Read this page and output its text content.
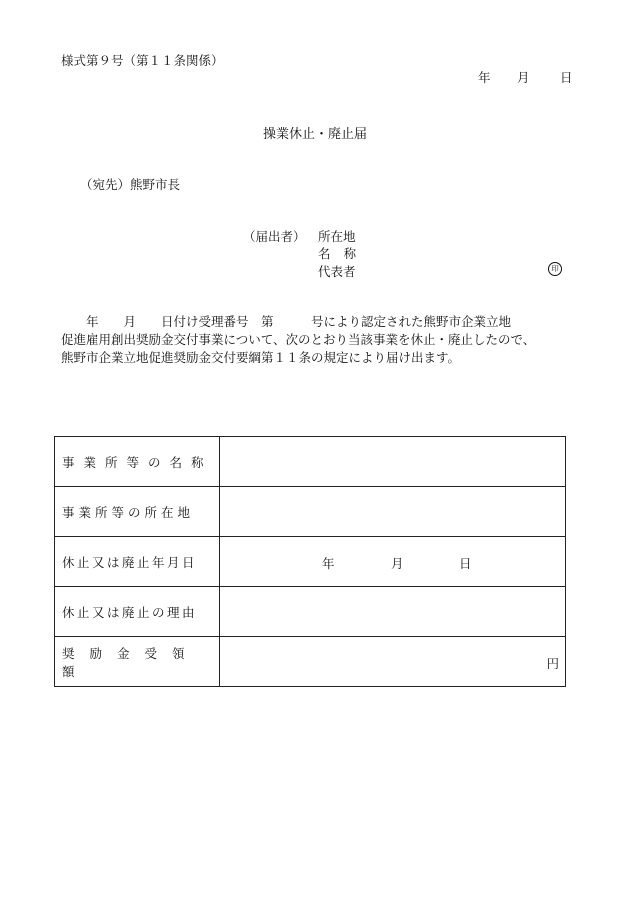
様式第９号（第１１条関係）
年 月 日
操業休止・廃止届
（宛先）熊野市長
（届出者） 所在地
名　称
代表者	印
　　年　　月　　日付け受理番号　第　　　号により認定された熊野市企業立地
促進雇用創出奨励金交付事業について、次のとおり当該事業を休止・廃止したので、
熊野市企業立地促進奨励金交付要綱第１１条の規定により届け出ます。
事業所等の名称	
事業所等の所在地	
休止又は廃止年月日	年 月 日

休止又は廃止の理由	
奨励金受領額	円
